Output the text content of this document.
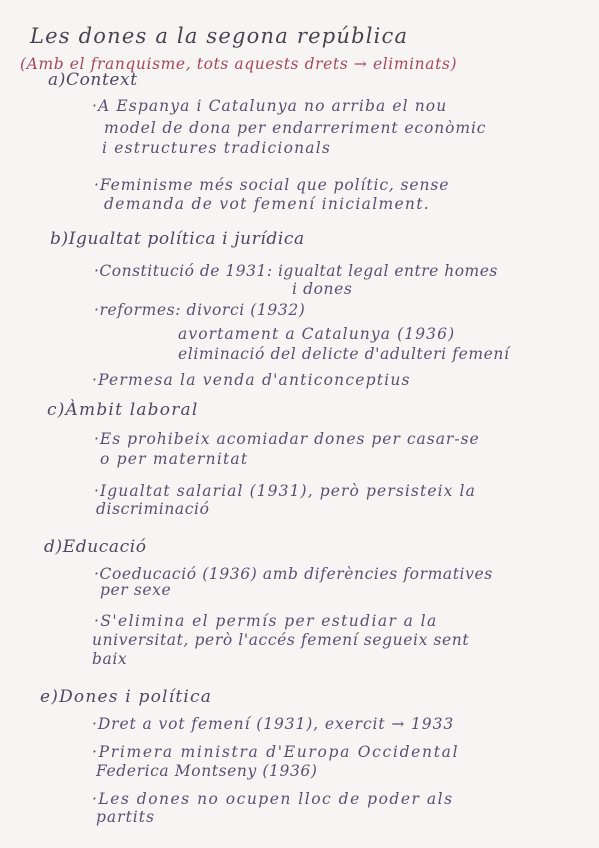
Les dones a la segona república
(Amb el franquisme, tots aquests drets → eliminats)
a)Context
·A Espanya i Catalunya no arriba el nou
model de dona per endarreriment econòmic
i estructures tradicionals
·Feminisme més social que polític, sense
demanda de vot femení inicialment.
b)Igualtat política i jurídica
·Constitució de 1931: igualtat legal entre homes
i dones
·reformes: divorci (1932)
avortament a Catalunya (1936)
eliminació del delicte d'adulteri femení
·Permesa la venda d'anticonceptius
c)Àmbit laboral
·Es prohibeix acomiadar dones per casar-se
o per maternitat
·Igualtat salarial (1931), però persisteix la
discriminació
d)Educació
·Coeducació (1936) amb diferències formatives
per sexe
·S'elimina el permís per estudiar a la
universitat, però l'accés femení segueix sent
baix
e)Dones i política
·Dret a vot femení (1931), exercit → 1933
·Primera ministra d'Europa Occidental
Federica Montseny (1936)
·Les dones no ocupen lloc de poder als
partits
